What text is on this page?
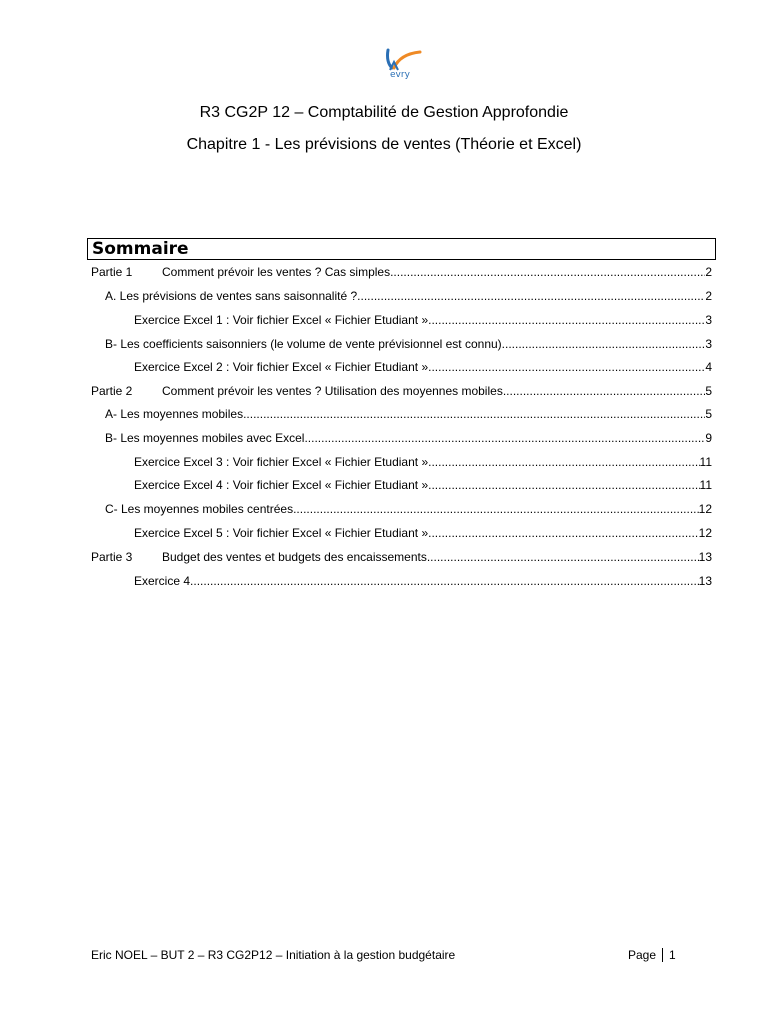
evry
R3 CG2P 12 – Comptabilité de Gestion Approfondie
Chapitre 1 - Les prévisions de ventes (Théorie et Excel)
Sommaire
Partie 1	Comment prévoir les ventes ? Cas simples .....	2
A. Les prévisions de ventes sans saisonnalité ? .....	2
Exercice Excel 1 : Voir fichier Excel « Fichier Etudiant » .....	3
B- Les coefficients saisonniers (le volume de vente prévisionnel est connu) .....	3
Exercice Excel 2 : Voir fichier Excel « Fichier Etudiant » .....	4
Partie 2	Comment prévoir les ventes ? Utilisation des moyennes mobiles .....	5
A- Les moyennes mobiles .....	5
B- Les moyennes mobiles avec Excel .....	9
Exercice Excel 3 : Voir fichier Excel « Fichier Etudiant » .....	11
Exercice Excel 4 : Voir fichier Excel « Fichier Etudiant » .....	11
C- Les moyennes mobiles centrées .....	12
Exercice Excel 5 : Voir fichier Excel « Fichier Etudiant » .....	12
Partie 3	Budget des ventes et budgets des encaissements .....	13
Exercice 4 .....	13
Eric NOEL – BUT 2 – R3 CG2P12 – Initiation à la gestion budgétaire	Page 1
